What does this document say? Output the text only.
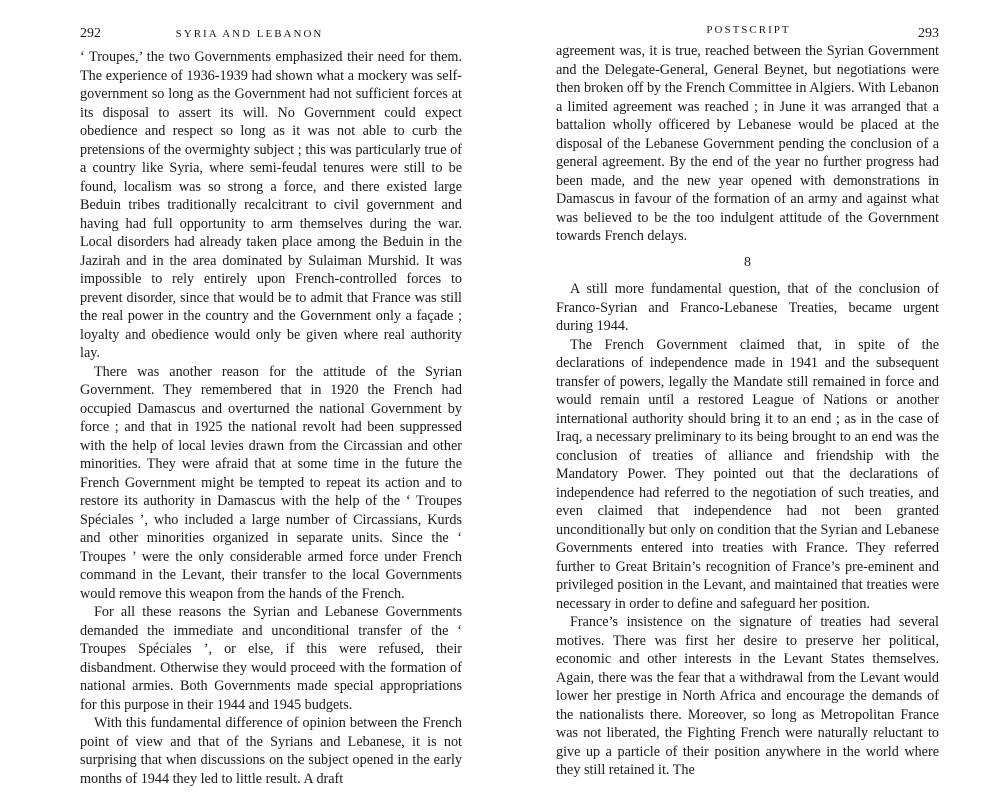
292	SYRIA AND LEBANON

‘ Troupes,’ the two Governments emphasized their need for them. The experience of 1936-1939 had shown what a mockery was self-government so long as the Government had not sufficient forces at its disposal to assert its will. No Government could expect obedience and respect so long as it was not able to curb the pretensions of the overmighty subject ; this was particularly true of a country like Syria, where semi-feudal tenures were still to be found, localism was so strong a force, and there existed large Beduin tribes traditionally recalcitrant to civil government and having had full opportunity to arm themselves during the war. Local disorders had already taken place among the Beduin in the Jazirah and in the area dominated by Sulaiman Murshid. It was impossible to rely entirely upon French-controlled forces to prevent disorder, since that would be to admit that France was still the real power in the country and the Government only a façade ; loyalty and obedience would only be given where real authority lay.

There was another reason for the attitude of the Syrian Government. They remembered that in 1920 the French had occupied Damascus and overturned the national Government by force ; and that in 1925 the national revolt had been suppressed with the help of local levies drawn from the Circassian and other minorities. They were afraid that at some time in the future the French Government might be tempted to repeat its action and to restore its authority in Damascus with the help of the ‘ Troupes Spéciales ’, who included a large number of Circassians, Kurds and other minorities organized in separate units. Since the ‘ Troupes ’ were the only considerable armed force under French command in the Levant, their transfer to the local Governments would remove this weapon from the hands of the French.

For all these reasons the Syrian and Lebanese Governments demanded the immediate and unconditional transfer of the ‘ Troupes Spéciales ’, or else, if this were refused, their disbandment. Otherwise they would proceed with the formation of national armies. Both Governments made special appropriations for this purpose in their 1944 and 1945 budgets.

With this fundamental difference of opinion between the French point of view and that of the Syrians and Lebanese, it is not surprising that when discussions on the subject opened in the early months of 1944 they led to little result. A draft

POSTSCRIPT	293

agreement was, it is true, reached between the Syrian Government and the Delegate-General, General Beynet, but negotiations were then broken off by the French Committee in Algiers. With Lebanon a limited agreement was reached ; in June it was arranged that a battalion wholly officered by Lebanese would be placed at the disposal of the Lebanese Government pending the conclusion of a general agreement. By the end of the year no further progress had been made, and the new year opened with demonstrations in Damascus in favour of the formation of an army and against what was believed to be the too indulgent attitude of the Government towards French delays.

8

A still more fundamental question, that of the conclusion of Franco-Syrian and Franco-Lebanese Treaties, became urgent during 1944.

The French Government claimed that, in spite of the declarations of independence made in 1941 and the subsequent transfer of powers, legally the Mandate still remained in force and would remain until a restored League of Nations or another international authority should bring it to an end ; as in the case of Iraq, a necessary preliminary to its being brought to an end was the conclusion of treaties of alliance and friendship with the Mandatory Power. They pointed out that the declarations of independence had referred to the negotiation of such treaties, and even claimed that independence had not been granted unconditionally but only on condition that the Syrian and Lebanese Governments entered into treaties with France. They referred further to Great Britain’s recognition of France’s pre-eminent and privileged position in the Levant, and maintained that treaties were necessary in order to define and safeguard her position.

France’s insistence on the signature of treaties had several motives. There was first her desire to preserve her political, economic and other interests in the Levant States themselves. Again, there was the fear that a withdrawal from the Levant would lower her prestige in North Africa and encourage the demands of the nationalists there. Moreover, so long as Metropolitan France was not liberated, the Fighting French were naturally reluctant to give up a particle of their position anywhere in the world where they still retained it. The
